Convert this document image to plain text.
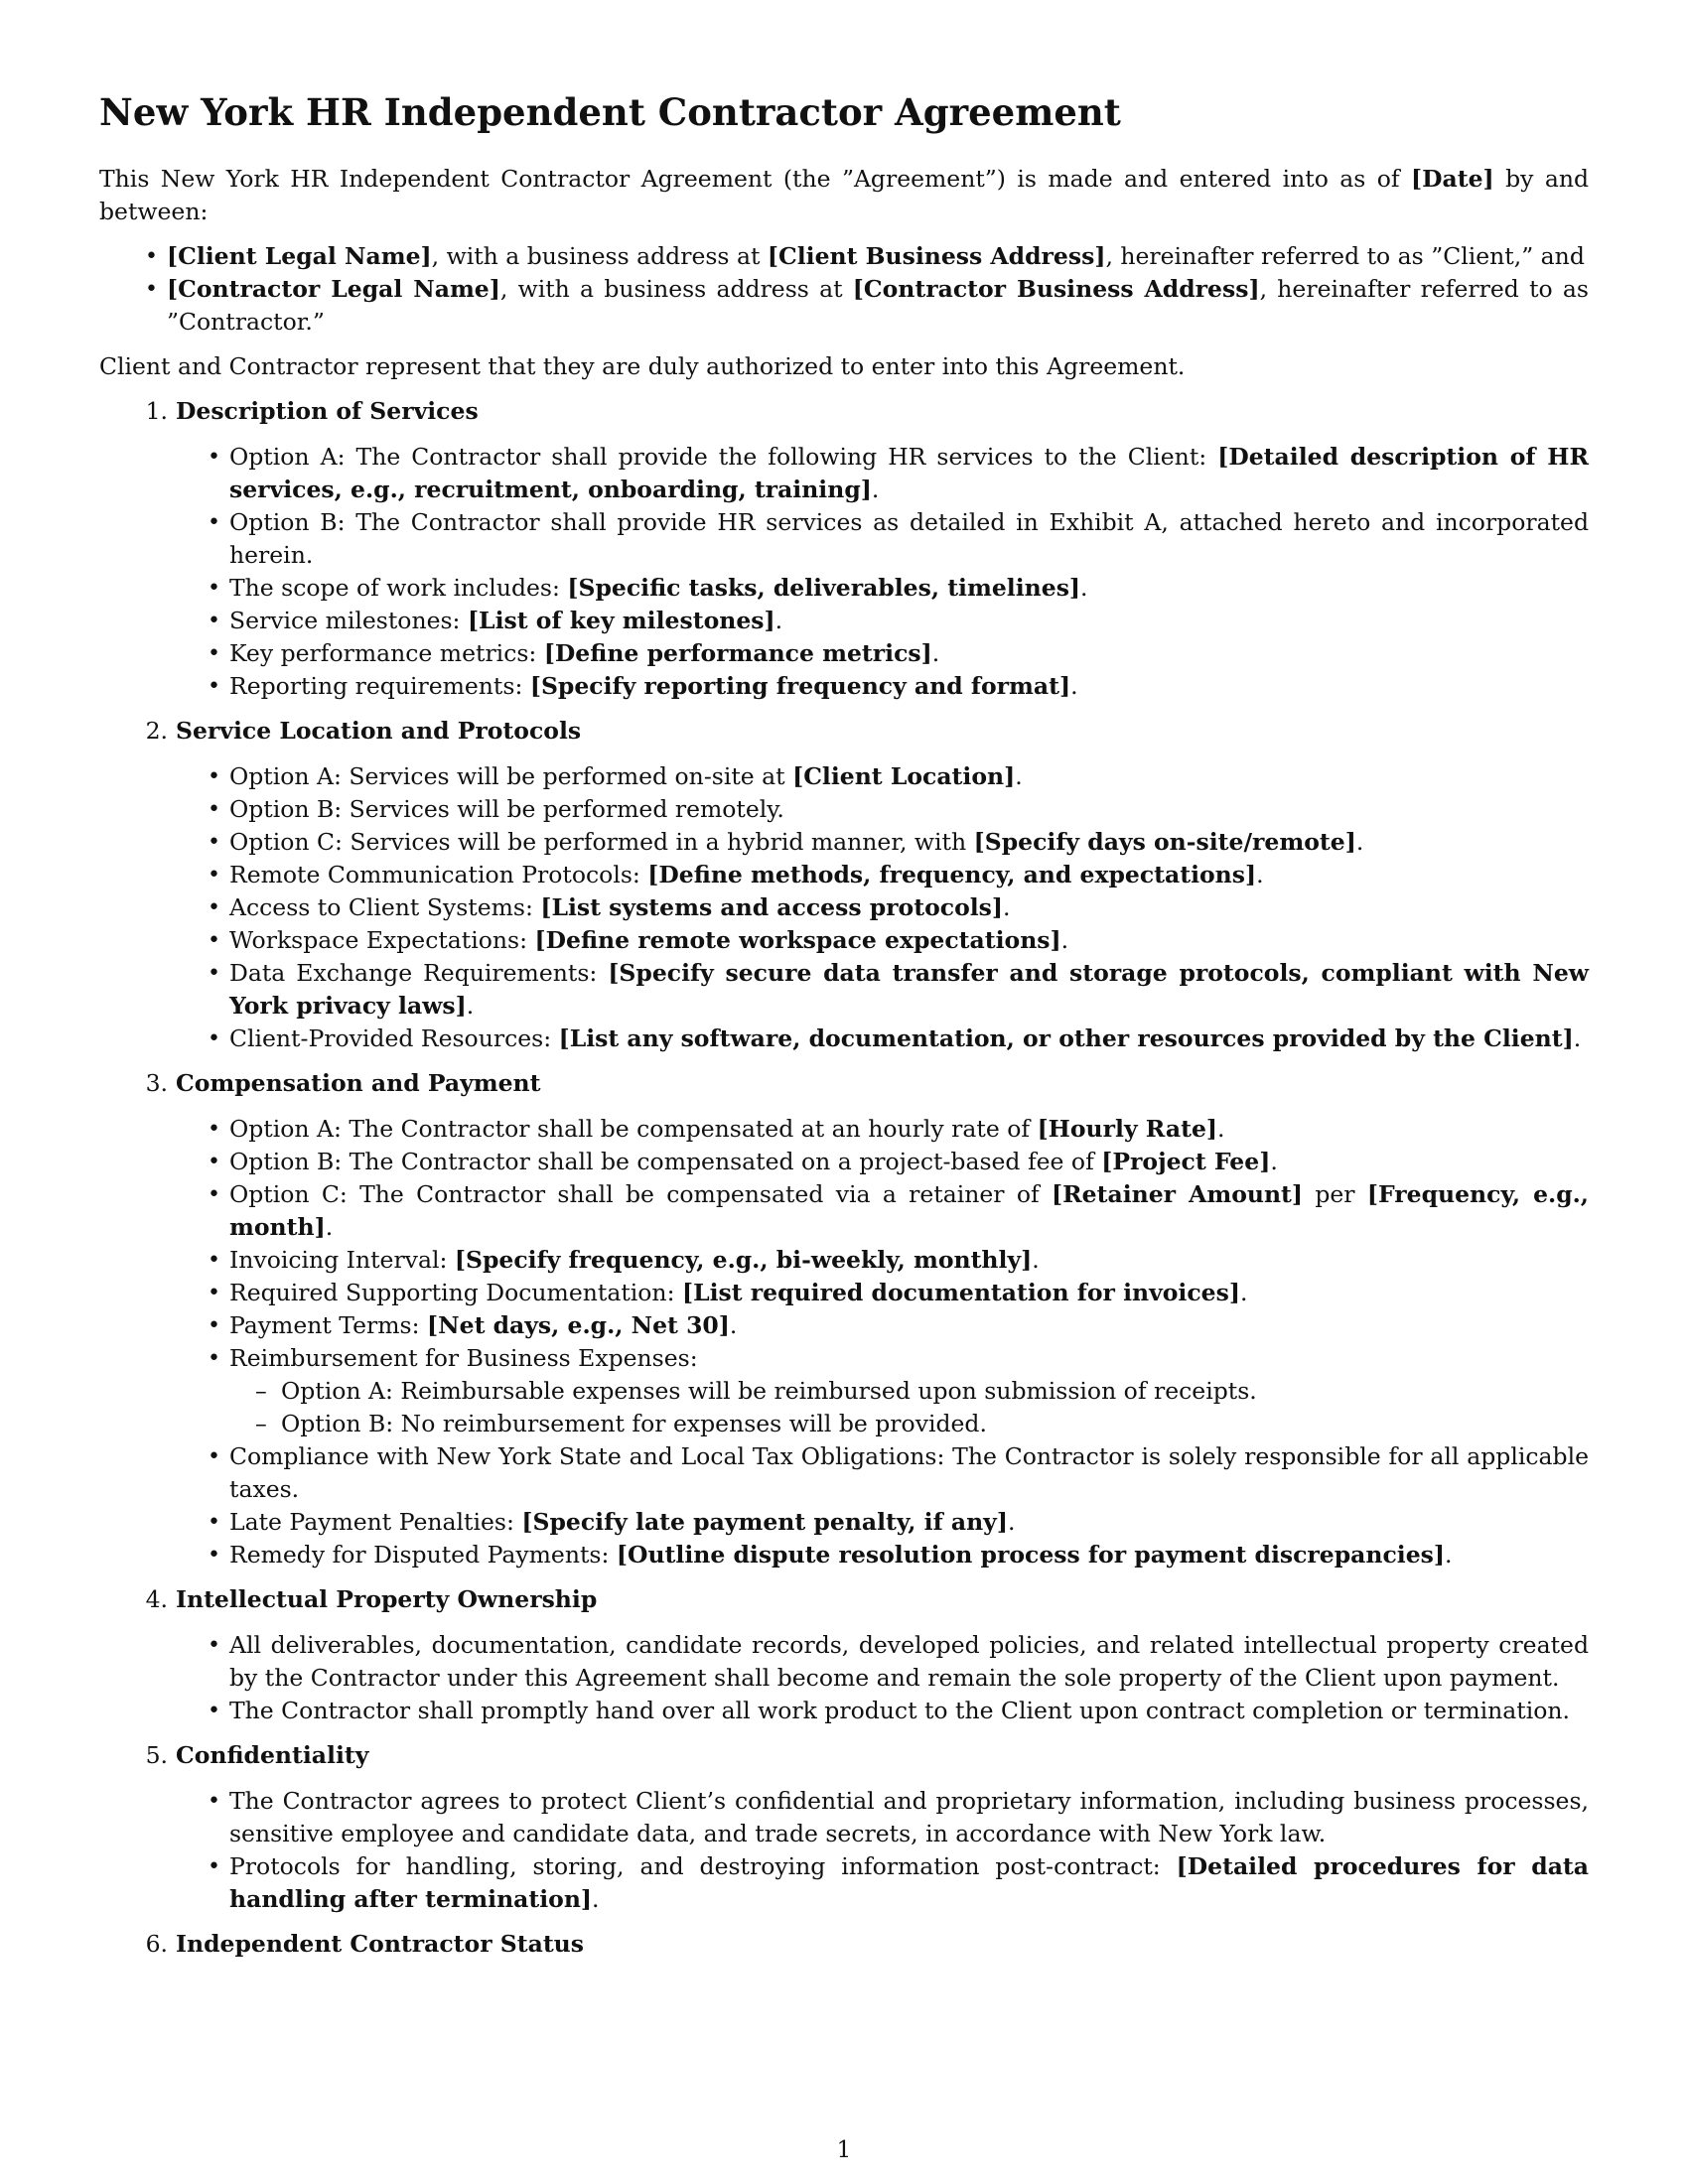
New York HR Independent Contractor Agreement

This New York HR Independent Contractor Agreement (the ”Agreement”) is made and entered into as of [Date] by and between:

• [Client Legal Name], with a business address at [Client Business Address], hereinafter referred to as ”Client,” and
• [Contractor Legal Name], with a business address at [Contractor Business Address], hereinafter referred to as ”Contractor.”

Client and Contractor represent that they are duly authorized to enter into this Agreement.

1. Description of Services
• Option A: The Contractor shall provide the following HR services to the Client: [Detailed description of HR services, e.g., recruitment, onboarding, training].
• Option B: The Contractor shall provide HR services as detailed in Exhibit A, attached hereto and incorporated herein.
• The scope of work includes: [Specific tasks, deliverables, timelines].
• Service milestones: [List of key milestones].
• Key performance metrics: [Define performance metrics].
• Reporting requirements: [Specify reporting frequency and format].
2. Service Location and Protocols
• Option A: Services will be performed on-site at [Client Location].
• Option B: Services will be performed remotely.
• Option C: Services will be performed in a hybrid manner, with [Specify days on-site/remote].
• Remote Communication Protocols: [Define methods, frequency, and expectations].
• Access to Client Systems: [List systems and access protocols].
• Workspace Expectations: [Define remote workspace expectations].
• Data Exchange Requirements: [Specify secure data transfer and storage protocols, compliant with New York privacy laws].
• Client-Provided Resources: [List any software, documentation, or other resources provided by the Client].
3. Compensation and Payment
• Option A: The Contractor shall be compensated at an hourly rate of [Hourly Rate].
• Option B: The Contractor shall be compensated on a project-based fee of [Project Fee].
• Option C: The Contractor shall be compensated via a retainer of [Retainer Amount] per [Frequency, e.g., month].
• Invoicing Interval: [Specify frequency, e.g., bi-weekly, monthly].
• Required Supporting Documentation: [List required documentation for invoices].
• Payment Terms: [Net days, e.g., Net 30].
• Reimbursement for Business Expenses:
– Option A: Reimbursable expenses will be reimbursed upon submission of receipts.
– Option B: No reimbursement for expenses will be provided.
• Compliance with New York State and Local Tax Obligations: The Contractor is solely responsible for all applicable taxes.
• Late Payment Penalties: [Specify late payment penalty, if any].
• Remedy for Disputed Payments: [Outline dispute resolution process for payment discrepancies].
4. Intellectual Property Ownership
• All deliverables, documentation, candidate records, developed policies, and related intellectual property created by the Contractor under this Agreement shall become and remain the sole property of the Client upon payment.
• The Contractor shall promptly hand over all work product to the Client upon contract completion or termination.
5. Confidentiality
• The Contractor agrees to protect Client’s confidential and proprietary information, including business processes, sensitive employee and candidate data, and trade secrets, in accordance with New York law.
• Protocols for handling, storing, and destroying information post-contract: [Detailed procedures for data handling after termination].
6. Independent Contractor Status
1
